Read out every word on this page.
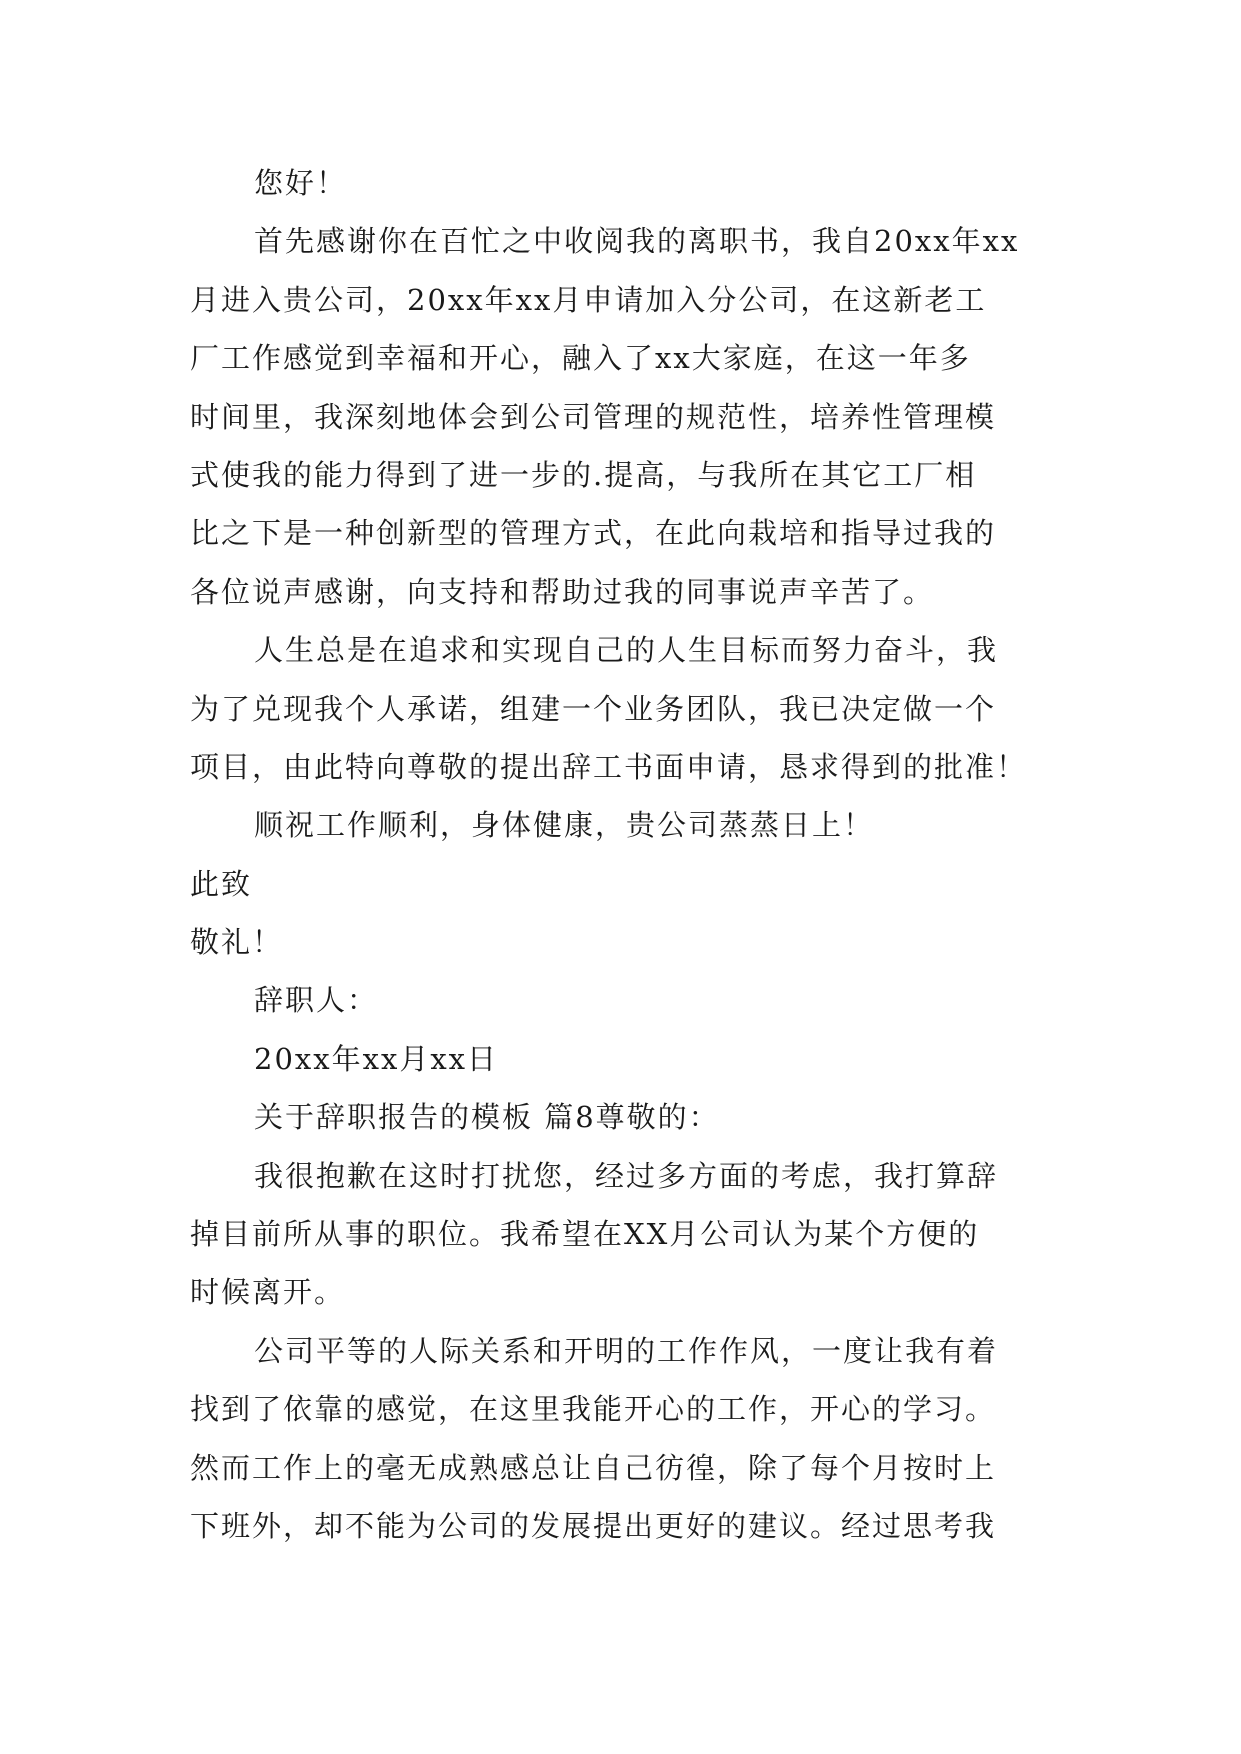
您好！
首先感谢你在百忙之中收阅我的离职书，我自20xx年xx
月进入贵公司，20xx年xx月申请加入分公司，在这新老工
厂工作感觉到幸福和开心，融入了xx大家庭，在这一年多
时间里，我深刻地体会到公司管理的规范性，培养性管理模
式使我的能力得到了进一步的.提高，与我所在其它工厂相
比之下是一种创新型的管理方式，在此向栽培和指导过我的
各位说声感谢，向支持和帮助过我的同事说声辛苦了。
人生总是在追求和实现自己的人生目标而努力奋斗，我
为了兑现我个人承诺，组建一个业务团队，我已决定做一个
项目，由此特向尊敬的提出辞工书面申请，恳求得到的批准！
顺祝工作顺利，身体健康，贵公司蒸蒸日上！
此致
敬礼！
辞职人：
20xx年xx月xx日
关于辞职报告的模板 篇8尊敬的：
我很抱歉在这时打扰您，经过多方面的考虑，我打算辞
掉目前所从事的职位。我希望在XX月公司认为某个方便的
时候离开。
公司平等的人际关系和开明的工作作风，一度让我有着
找到了依靠的感觉，在这里我能开心的工作，开心的学习。
然而工作上的毫无成熟感总让自己彷徨，除了每个月按时上
下班外，却不能为公司的发展提出更好的建议。经过思考我
